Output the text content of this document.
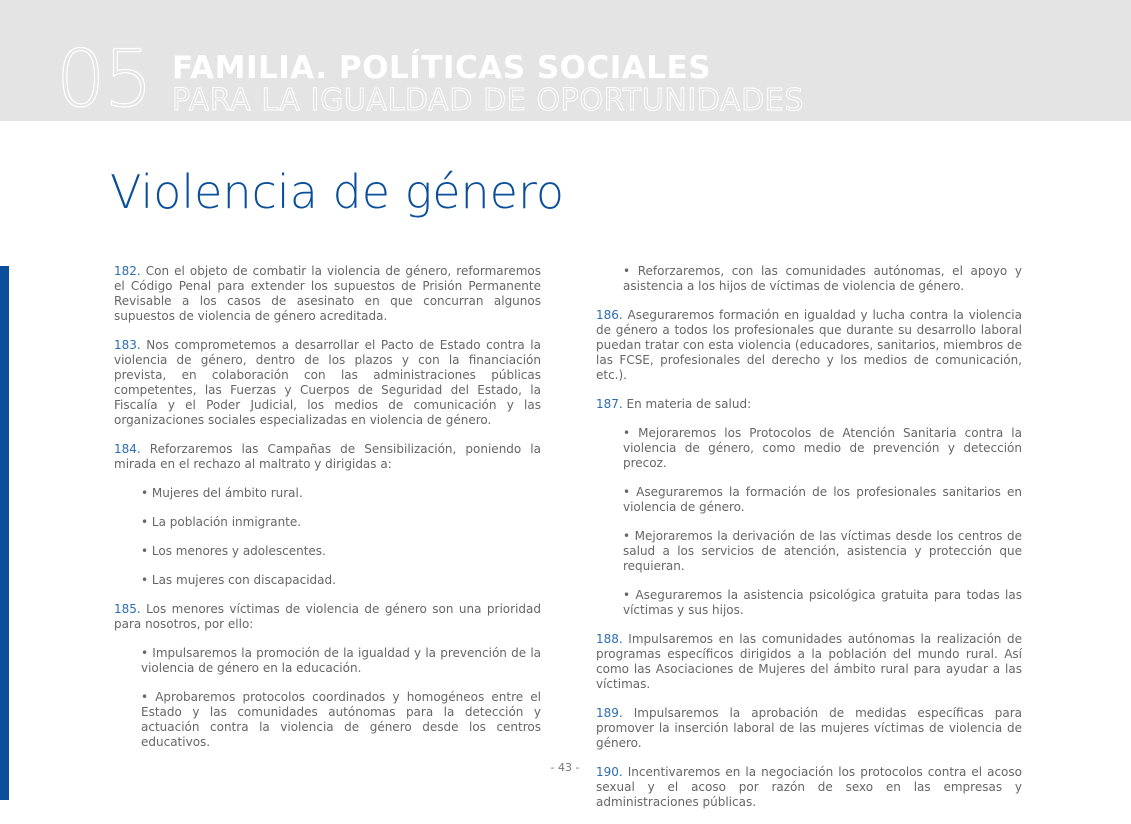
05 FAMILIA. POLÍTICAS SOCIALES
PARA LA IGUALDAD DE OPORTUNIDADES
Violencia de género

182. Con el objeto de combatir la violencia de género, reformaremos el Código Penal para extender los supuestos de Prisión Permanente Revisable a los casos de asesinato en que concurran algunos supuestos de violencia de género acreditada.

183. Nos comprometemos a desarrollar el Pacto de Estado contra la violencia de género, dentro de los plazos y con la financiación prevista, en colaboración con las administraciones públicas competentes, las Fuerzas y Cuerpos de Seguridad del Estado, la Fiscalía y el Poder Judicial, los medios de comunicación y las organizaciones sociales especializadas en violencia de género.

184. Reforzaremos las Campañas de Sensibilización, poniendo la mirada en el rechazo al maltrato y dirigidas a:

• Mujeres del ámbito rural.

• La población inmigrante.

• Los menores y adolescentes.

• Las mujeres con discapacidad.

185. Los menores víctimas de violencia de género son una prioridad para nosotros, por ello:

• Impulsaremos la promoción de la igualdad y la prevención de la violencia de género en la educación.

• Aprobaremos protocolos coordinados y homogéneos entre el Estado y las comunidades autónomas para la detección y actuación contra la violencia de género desde los centros educativos.

• Reforzaremos, con las comunidades autónomas, el apoyo y asistencia a los hijos de víctimas de violencia de género.

186. Aseguraremos formación en igualdad y lucha contra la violencia de género a todos los profesionales que durante su desarrollo laboral puedan tratar con esta violencia (educadores, sanitarios, miembros de las FCSE, profesionales del derecho y los medios de comunicación, etc.).

187. En materia de salud:

• Mejoraremos los Protocolos de Atención Sanitaria contra la violencia de género, como medio de prevención y detección precoz.

• Aseguraremos la formación de los profesionales sanitarios en violencia de género.

• Mejoraremos la derivación de las víctimas desde los centros de salud a los servicios de atención, asistencia y protección que requieran.

• Aseguraremos la asistencia psicológica gratuita para todas las víctimas y sus hijos.

188. Impulsaremos en las comunidades autónomas la realización de programas específicos dirigidos a la población del mundo rural. Así como las Asociaciones de Mujeres del ámbito rural para ayudar a las víctimas.

189. Impulsaremos la aprobación de medidas específicas para promover la inserción laboral de las mujeres víctimas de violencia de género.

190. Incentivaremos en la negociación los protocolos contra el acoso sexual y el acoso por razón de sexo en las empresas y administraciones públicas.

- 43 -
